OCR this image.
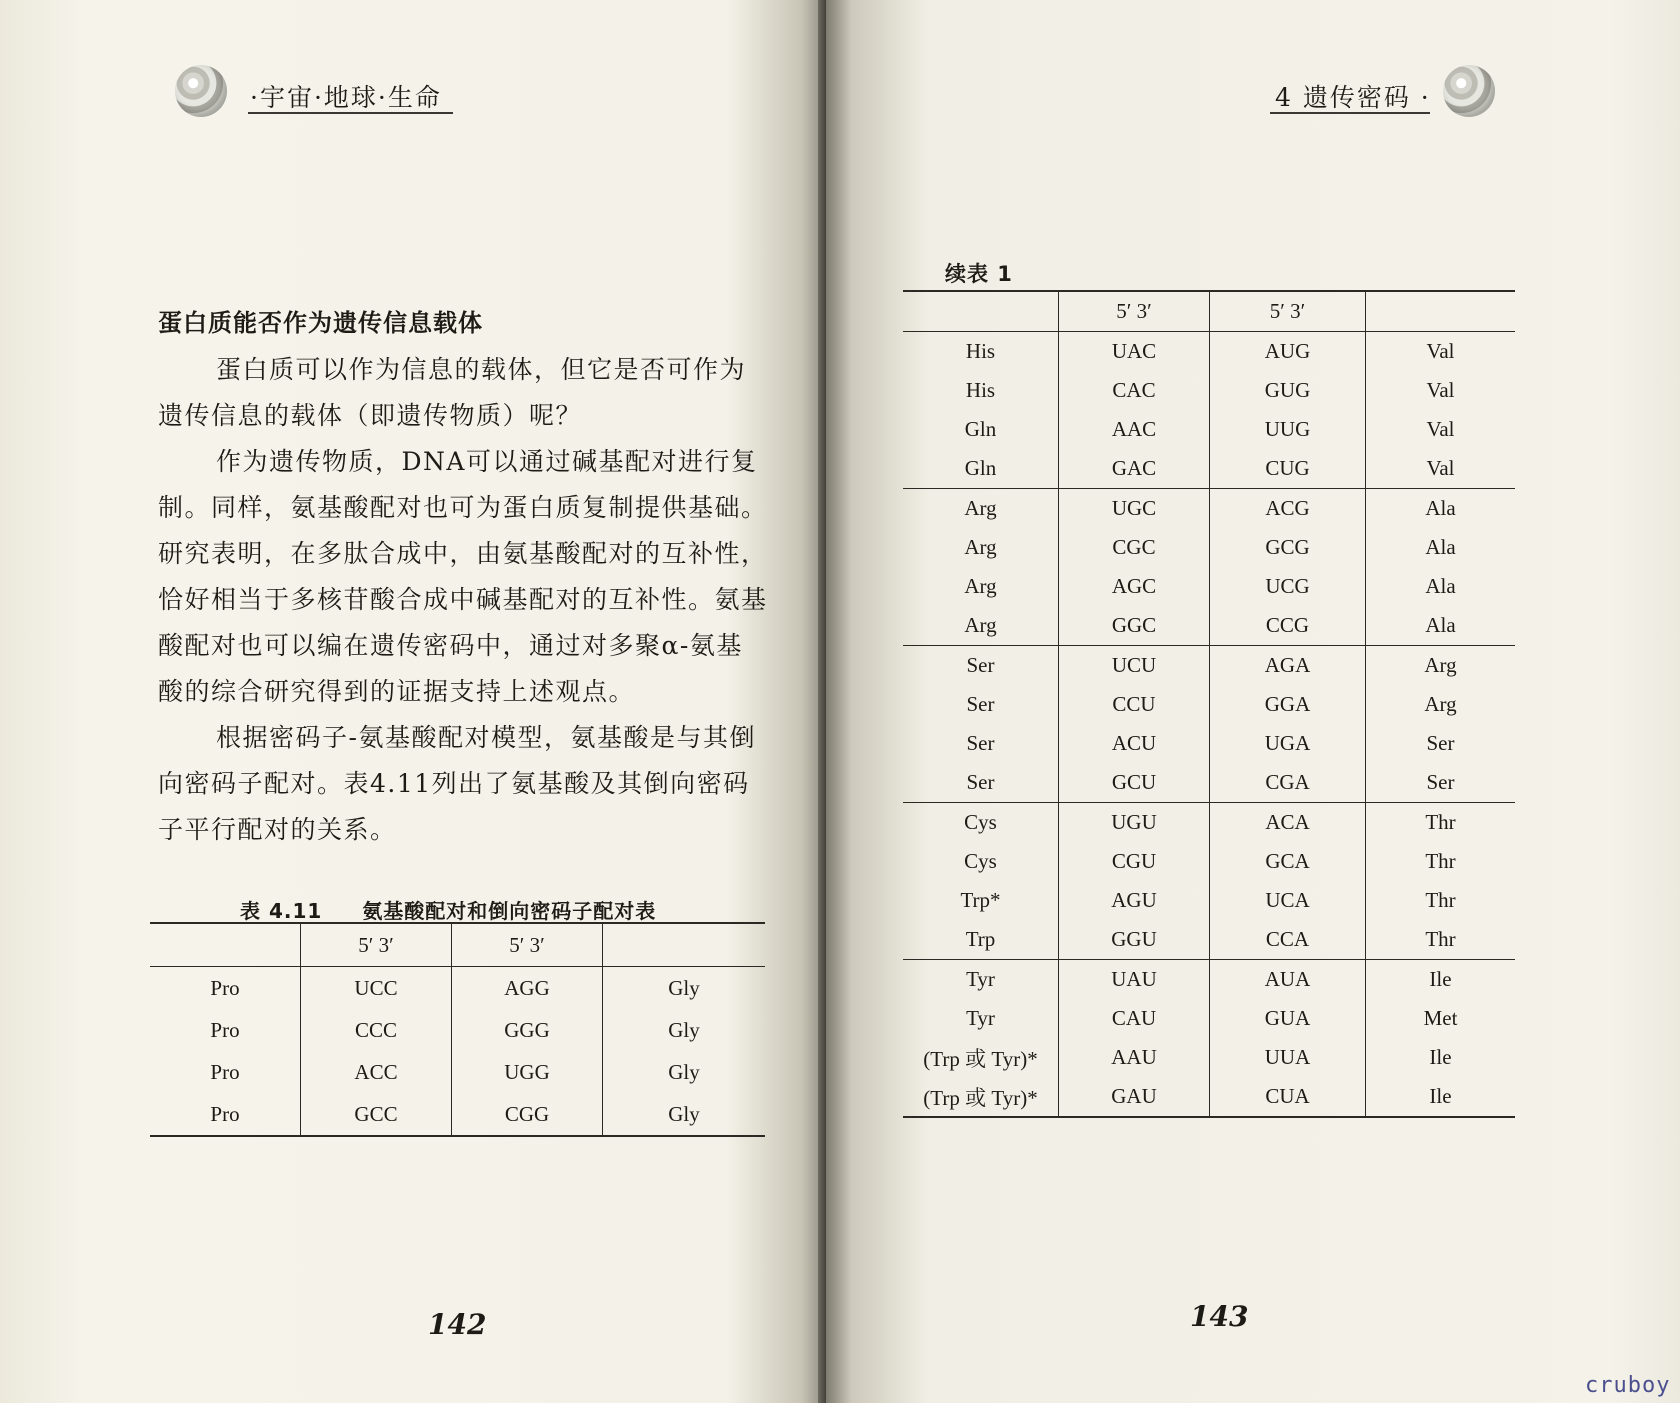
·宇宙·地球·生命
蛋白质能否作为遗传信息载体

蛋白质可以作为信息的载体，但它是否可作为遗传信息的载体（即遗传物质）呢？

作为遗传物质，DNA可以通过碱基配对进行复制。同样，氨基酸配对也可为蛋白质复制提供基础。研究表明，在多肽合成中，由氨基酸配对的互补性，恰好相当于多核苷酸合成中碱基配对的互补性。氨基酸配对也可以编在遗传密码中，通过对多聚α-氨基酸的综合研究得到的证据支持上述观点。

根据密码子-氨基酸配对模型，氨基酸是与其倒向密码子配对。表4.11列出了氨基酸及其倒向密码子平行配对的关系。

表 4.11 氨基酸配对和倒向密码子配对表
	5′ 3′	5′ 3′	
Pro	UCC	AGG	Gly
Pro	CCC	GGG	Gly
Pro	ACC	UGG	Gly
Pro	GCC	CGG	Gly
142	143
4 遗传密码 ·
续表 1
	5′ 3′	5′ 3′	
His	UAC	AUG	Val
His	CAC	GUG	Val
Gln	AAC	UUG	Val
Gln	GAC	CUG	Val
Arg	UGC	ACG	Ala
Arg	CGC	GCG	Ala
Arg	AGC	UCG	Ala
Arg	GGC	CCG	Ala
Ser	UCU	AGA	Arg
Ser	CCU	GGA	Arg
Ser	ACU	UGA	Ser
Ser	GCU	CGA	Ser
Cys	UGU	ACA	Thr
Cys	CGU	GCA	Thr
Trp*	AGU	UCA	Thr
Trp	GGU	CCA	Thr
Tyr	UAU	AUA	Ile
Tyr	CAU	GUA	Met
(Trp 或 Tyr)*	AAU	UUA	Ile
(Trp 或 Tyr)*	GAU	CUA	Ile
cruboy
